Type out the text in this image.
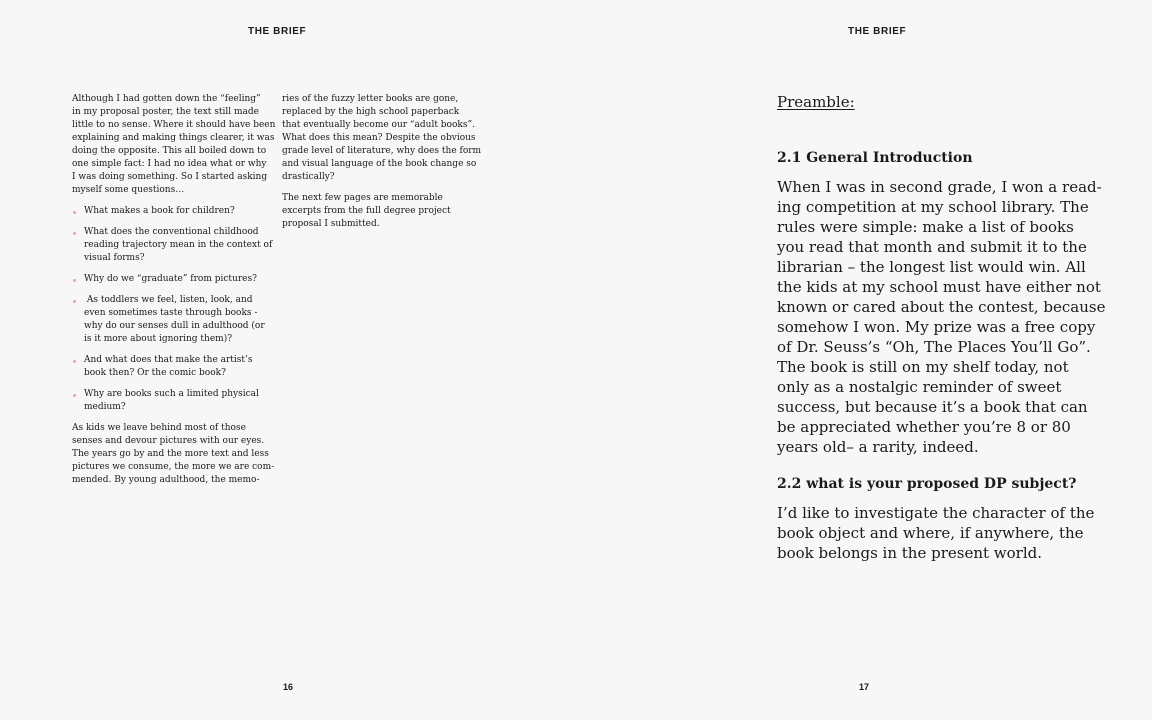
THE BRIEF

Although I had gotten down the “feeling”
in my proposal poster, the text still made
little to no sense. Where it should have been
explaining and making things clearer, it was
doing the opposite. This all boiled down to
one simple fact: I had no idea what or why
I was doing something. So I started asking
myself some questions…

What makes a book for children?
What does the conventional childhood
reading trajectory mean in the context of
visual forms?
Why do we “graduate” from pictures?
As toddlers we feel, listen, look, and
even sometimes taste through books -
why do our senses dull in adulthood (or
is it more about ignoring them)?
And what does that make the artist’s
book then? Or the comic book?
Why are books such a limited physical
medium?

As kids we leave behind most of those
senses and devour pictures with our eyes.
The years go by and the more text and less
pictures we consume, the more we are com-
mended. By young adulthood, the memo-

ries of the fuzzy letter books are gone,
replaced by the high school paperback
that eventually become our “adult books”.
What does this mean? Despite the obvious
grade level of literature, why does the form
and visual language of the book change so
drastically?

The next few pages are memorable
excerpts from the full degree project
proposal I submitted.

16
THE BRIEF
Preamble:
2.1 General Introduction

When I was in second grade, I won a read-
ing competition at my school library. The
rules were simple: make a list of books
you read that month and submit it to the
librarian – the longest list would win. All
the kids at my school must have either not
known or cared about the contest, because
somehow I won. My prize was a free copy
of Dr. Seuss’s “Oh, The Places You’ll Go”.
The book is still on my shelf today, not
only as a nostalgic reminder of sweet
success, but because it’s a book that can
be appreciated whether you’re 8 or 80
years old– a rarity, indeed.

2.2 what is your proposed DP subject?

I’d like to investigate the character of the
book object and where, if anywhere, the
book belongs in the present world.

17
